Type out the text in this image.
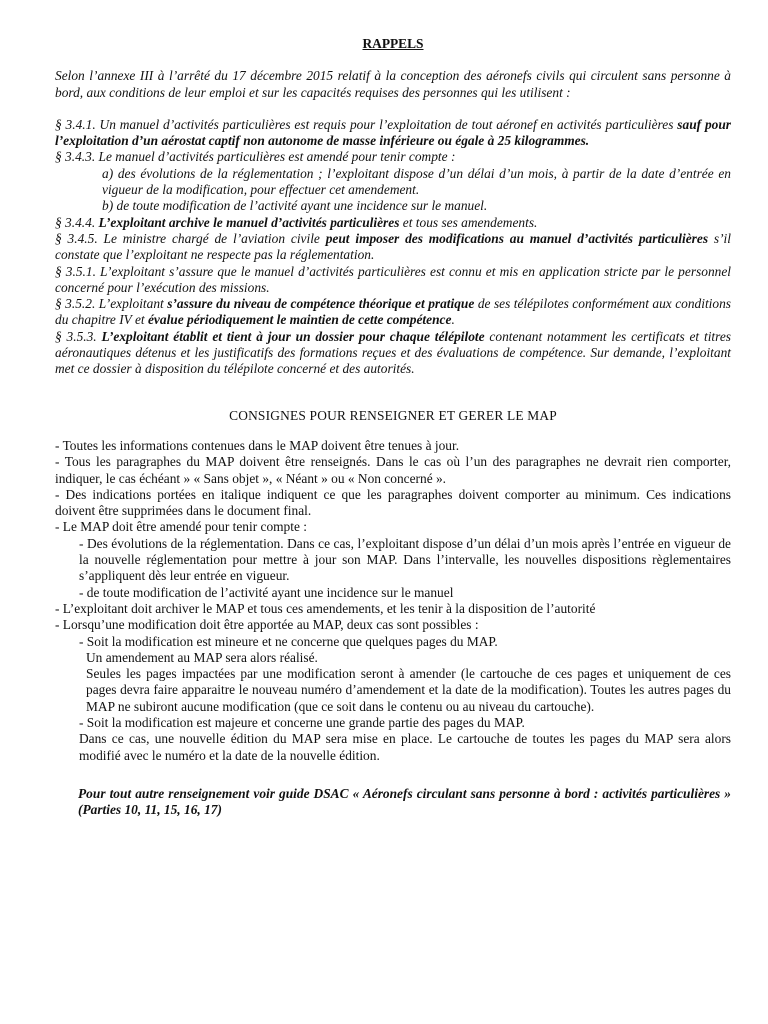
RAPPELS

Selon l’annexe III à l’arrêté du 17 décembre 2015 relatif à la conception des aéronefs civils qui circulent sans personne à bord, aux conditions de leur emploi et sur les capacités requises des personnes qui les utilisent :

§ 3.4.1. Un manuel d’activités particulières est requis pour l’exploitation de tout aéronef en activités particulières sauf pour l’exploitation d’un aérostat captif non autonome de masse inférieure ou égale à 25 kilogrammes.

§ 3.4.3. Le manuel d’activités particulières est amendé pour tenir compte :

a) des évolutions de la réglementation ; l’exploitant dispose d’un délai d’un mois, à partir de la date d’entrée en vigueur de la modification, pour effectuer cet amendement.

b) de toute modification de l’activité ayant une incidence sur le manuel.

§ 3.4.4. L’exploitant archive le manuel d’activités particulières et tous ses amendements.

§ 3.4.5. Le ministre chargé de l’aviation civile peut imposer des modifications au manuel d’activités particulières s’il constate que l’exploitant ne respecte pas la réglementation.

§ 3.5.1. L’exploitant s’assure que le manuel d’activités particulières est connu et mis en application stricte par le personnel concerné pour l’exécution des missions.

§ 3.5.2. L’exploitant s’assure du niveau de compétence théorique et pratique de ses télépilotes conformément aux conditions du chapitre IV et évalue périodiquement le maintien de cette compétence.

§ 3.5.3. L’exploitant établit et tient à jour un dossier pour chaque télépilote contenant notamment les certificats et titres aéronautiques détenus et les justificatifs des formations reçues et des évaluations de compétence. Sur demande, l’exploitant met ce dossier à disposition du télépilote concerné et des autorités.

CONSIGNES POUR RENSEIGNER ET GERER LE MAP

- Toutes les informations contenues dans le MAP doivent être tenues à jour.

- Tous les paragraphes du MAP doivent être renseignés. Dans le cas où l’un des paragraphes ne devrait rien comporter, indiquer, le cas échéant » « Sans objet », « Néant » ou « Non concerné ».

- Des indications portées en italique indiquent ce que les paragraphes doivent comporter au minimum. Ces indications doivent être supprimées dans le document final.

- Le MAP doit être amendé pour tenir compte :

- Des évolutions de la réglementation. Dans ce cas, l’exploitant dispose d’un délai d’un mois après l’entrée en vigueur de la nouvelle réglementation pour mettre à jour son MAP. Dans l’intervalle, les nouvelles dispositions règlementaires s’appliquent dès leur entrée en vigueur.

- de toute modification de l’activité ayant une incidence sur le manuel

- L’exploitant doit archiver le MAP et tous ces amendements, et les tenir à la disposition de l’autorité

- Lorsqu’une modification doit être apportée au MAP, deux cas sont possibles :

- Soit la modification est mineure et ne concerne que quelques pages du MAP.

Un amendement au MAP sera alors réalisé.

Seules les pages impactées par une modification seront à amender (le cartouche de ces pages et uniquement de ces pages devra faire apparaitre le nouveau numéro d’amendement et la date de la modification). Toutes les autres pages du MAP ne subiront aucune modification (que ce soit dans le contenu ou au niveau du cartouche).

- Soit la modification est majeure et concerne une grande partie des pages du MAP.

Dans ce cas, une nouvelle édition du MAP sera mise en place. Le cartouche de toutes les pages du MAP sera alors modifié avec le numéro et la date de la nouvelle édition.

Pour tout autre renseignement voir guide DSAC « Aéronefs circulant sans personne à bord : activités particulières » (Parties 10, 11, 15, 16, 17)
